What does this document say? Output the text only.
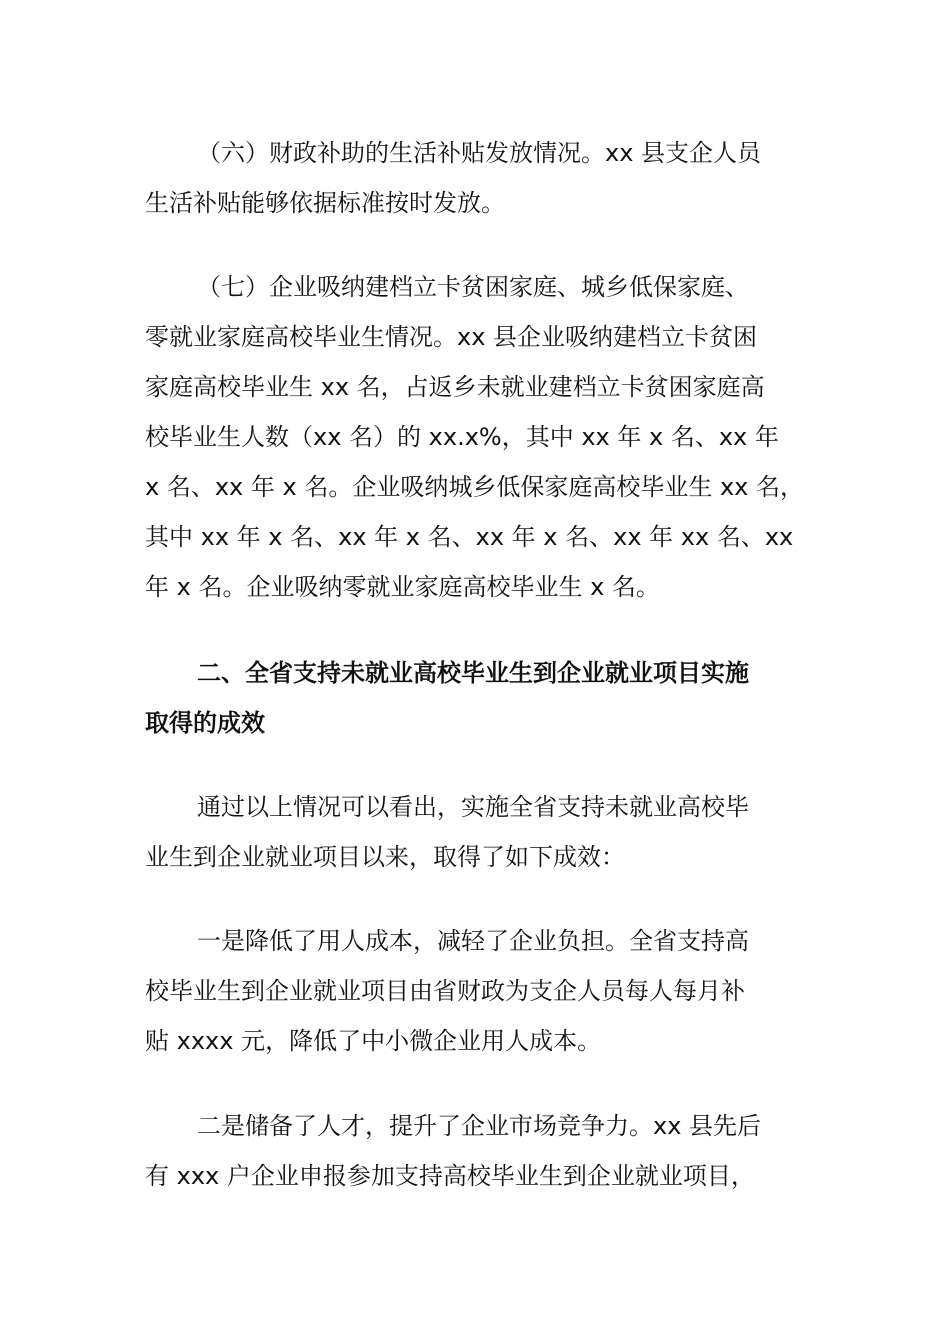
（六）财政补助的生活补贴发放情况。xx 县支企人员
生活补贴能够依据标准按时发放。

（七）企业吸纳建档立卡贫困家庭、城乡低保家庭、
零就业家庭高校毕业生情况。xx 县企业吸纳建档立卡贫困
家庭高校毕业生 xx 名，占返乡未就业建档立卡贫困家庭高
校毕业生人数（xx 名）的 xx.x%，其中 xx 年 x 名、xx 年
x 名、xx 年 x 名。企业吸纳城乡低保家庭高校毕业生 xx 名，
其中 xx 年 x 名、xx 年 x 名、xx 年 x 名、xx 年 xx 名、xx
年 x 名。企业吸纳零就业家庭高校毕业生 x 名。

二、全省支持未就业高校毕业生到企业就业项目实施
取得的成效

通过以上情况可以看出，实施全省支持未就业高校毕
业生到企业就业项目以来，取得了如下成效：

一是降低了用人成本，减轻了企业负担。全省支持高
校毕业生到企业就业项目由省财政为支企人员每人每月补
贴 xxxx 元，降低了中小微企业用人成本。

二是储备了人才，提升了企业市场竞争力。xx 县先后
有 xxx 户企业申报参加支持高校毕业生到企业就业项目，
